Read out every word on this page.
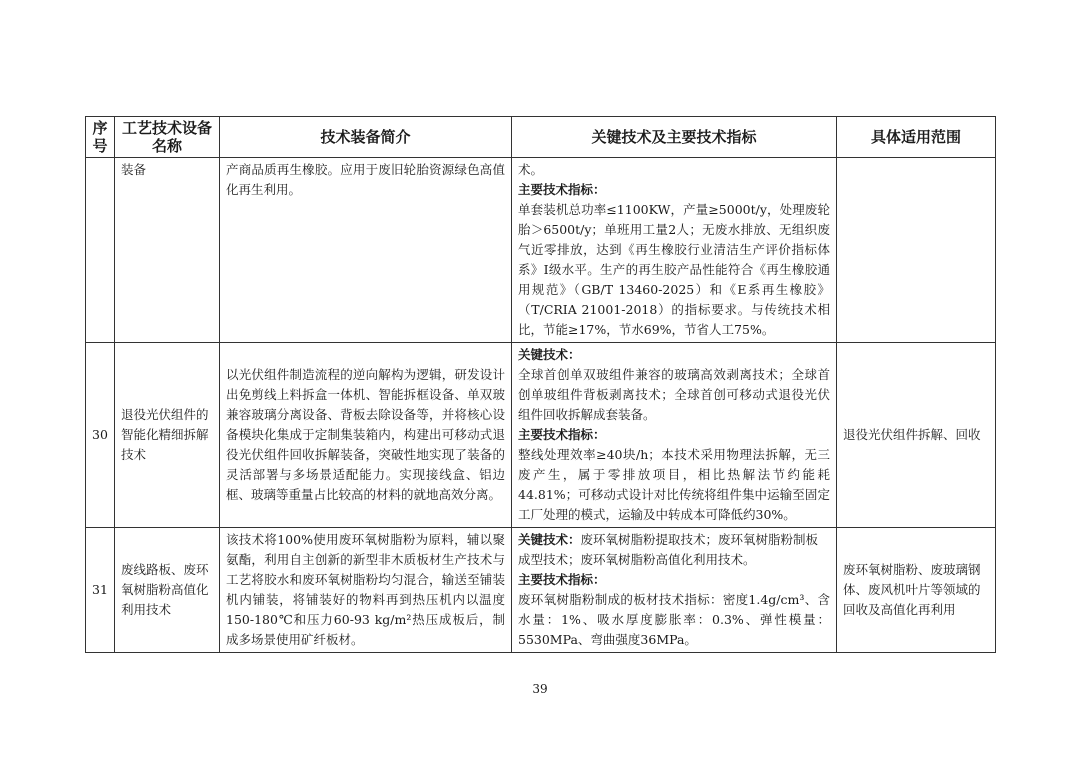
序号	工艺技术设备名称	技术装备简介	关键技术及主要技术指标	具体适用范围
	装备	产商品质再生橡胶。应用于废旧轮胎资源绿色高值化再生利用。	术。
主要技术指标：
单套装机总功率≤1100KW，产量≥5000t/y，处理废轮胎＞6500t/y；单班用工量2人；无废水排放、无组织废气近零排放，达到《再生橡胶行业清洁生产评价指标体系》I级水平。生产的再生胶产品性能符合《再生橡胶通用规范》（GB/T 13460-2025）和《E系再生橡胶》（T/CRIA 21001-2018）的指标要求。与传统技术相比，节能≥17%，节水69%，节省人工75%。	

30	退役光伏组件的智能化精细拆解技术	以光伏组件制造流程的逆向解构为逻辑，研发设计出免剪线上料拆盒一体机、智能拆框设备、单双玻兼容玻璃分离设备、背板去除设备等，并将核心设备模块化集成于定制集装箱内，构建出可移动式退役光伏组件回收拆解装备，突破性地实现了装备的灵活部署与多场景适配能力。实现接线盒、铝边框、玻璃等重量占比较高的材料的就地高效分离。	关键技术：
全球首创单双玻组件兼容的玻璃高效剥离技术；全球首创单玻组件背板剥离技术；全球首创可移动式退役光伏组件回收拆解成套装备。
主要技术指标：
整线处理效率≥40块/h；本技术采用物理法拆解，无三废产生，属于零排放项目，相比热解法节约能耗44.81%；可移动式设计对比传统将组件集中运输至固定工厂处理的模式，运输及中转成本可降低约30%。	退役光伏组件拆解、回收
31	废线路板、废环氧树脂粉高值化利用技术	该技术将100%使用废环氧树脂粉为原料，辅以聚氨酯，利用自主创新的新型非木质板材生产技术与工艺将胶水和废环氧树脂粉均匀混合，输送至铺装机内铺装，将铺装好的物料再到热压机内以温度150-180℃和压力60-93 kg/m²热压成板后，制成多场景使用矿纤板材。	关键技术：废环氧树脂粉提取技术；废环氧树脂粉制板成型技术；废环氧树脂粉高值化利用技术。
主要技术指标：
废环氧树脂粉制成的板材技术指标：密度1.4g/cm³、含水量：1%、吸水厚度膨胀率：0.3%、弹性模量：5530MPa、弯曲强度36MPa。	废环氧树脂粉、废玻璃钢体、废风机叶片等领域的回收及高值化再利用
39
